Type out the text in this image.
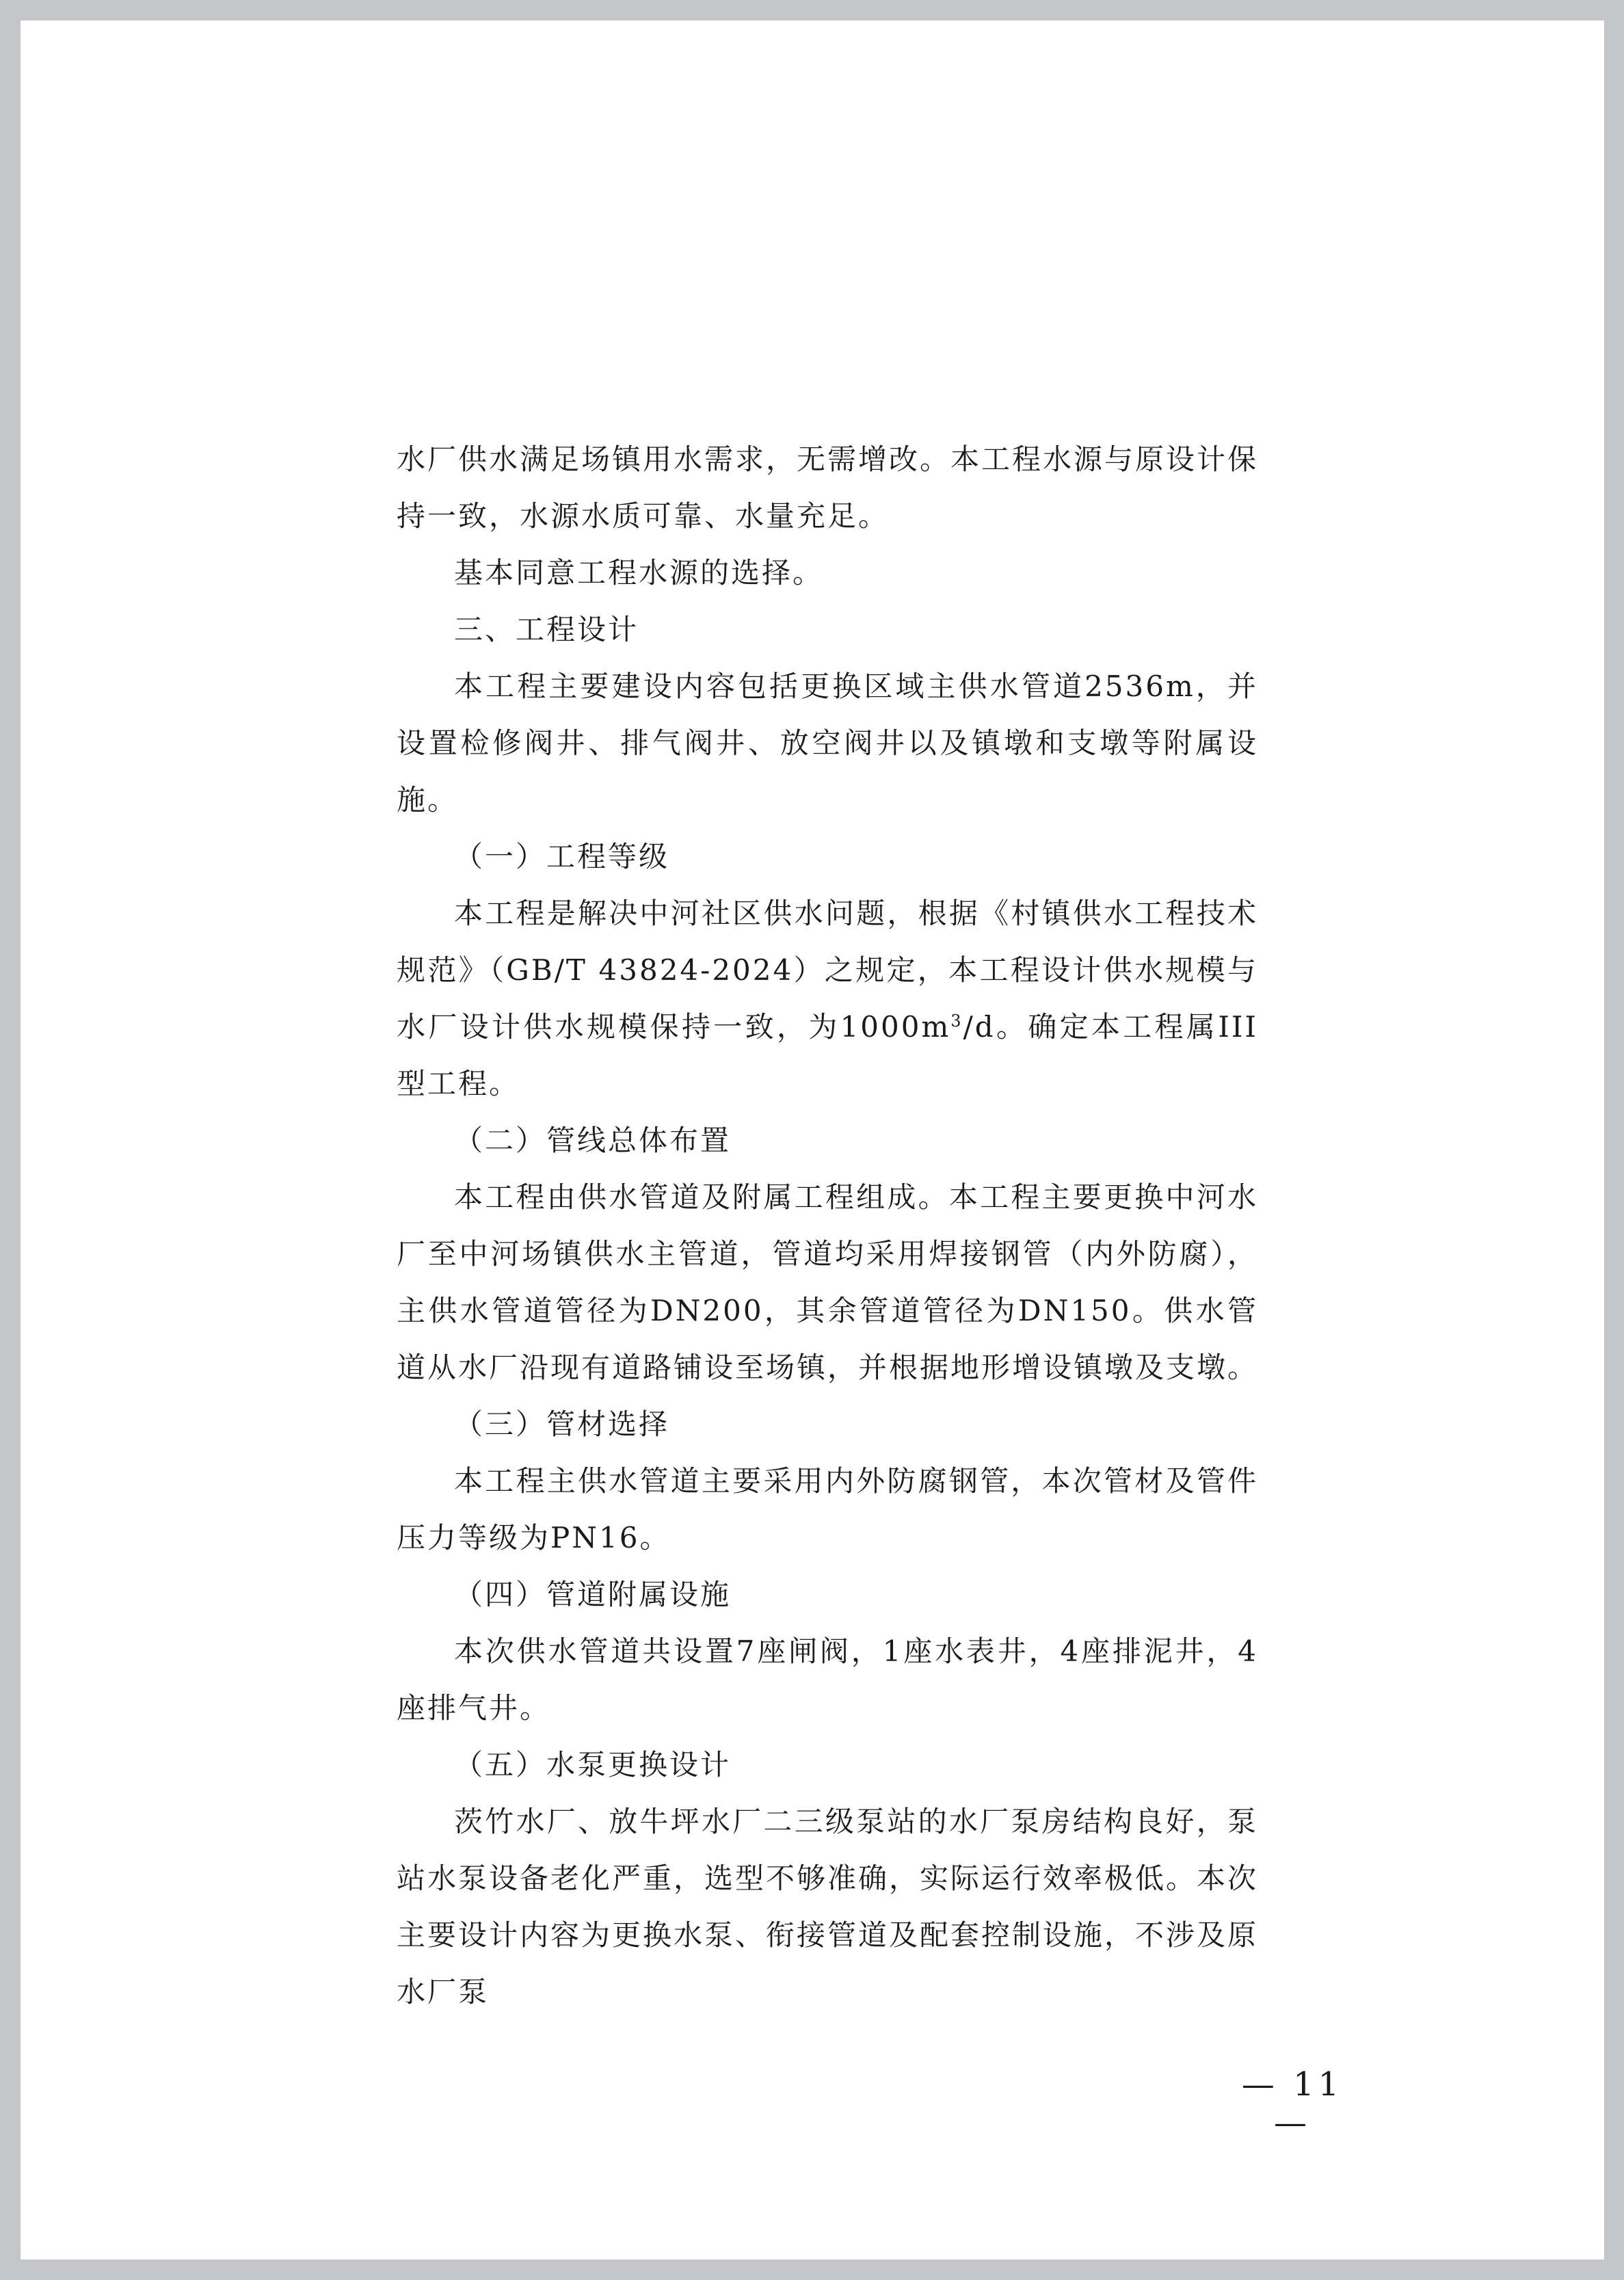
水厂供水满足场镇用水需求，无需增改。本工程水源与原设计保持一致，水源水质可靠、水量充足。

基本同意工程水源的选择。

三、工程设计

本工程主要建设内容包括更换区域主供水管道2536m，并设置检修阀井、排气阀井、放空阀井以及镇墩和支墩等附属设施。

（一）工程等级

本工程是解决中河社区供水问题，根据《村镇供水工程技术规范》（GB/T 43824-2024）之规定，本工程设计供水规模与水厂设计供水规模保持一致，为$1000m^3/d$。确定本工程属III型工程。

（二）管线总体布置

本工程由供水管道及附属工程组成。本工程主要更换中河水厂至中河场镇供水主管道，管道均采用焊接钢管（内外防腐），主供水管道管径为DN200，其余管道管径为DN150。供水管道从水厂沿现有道路铺设至场镇，并根据地形增设镇墩及支墩。

（三）管材选择

本工程主供水管道主要采用内外防腐钢管，本次管材及管件压力等级为PN16。

（四）管道附属设施

本次供水管道共设置7座闸阀，1座水表井，4座排泥井，4座排气井。

（五）水泵更换设计

茨竹水厂、放牛坪水厂二三级泵站的水厂泵房结构良好，泵站水泵设备老化严重，选型不够准确，实际运行效率极低。本次主要设计内容为更换水泵、衔接管道及配套控制设施，不涉及原水厂泵

— 11 —
